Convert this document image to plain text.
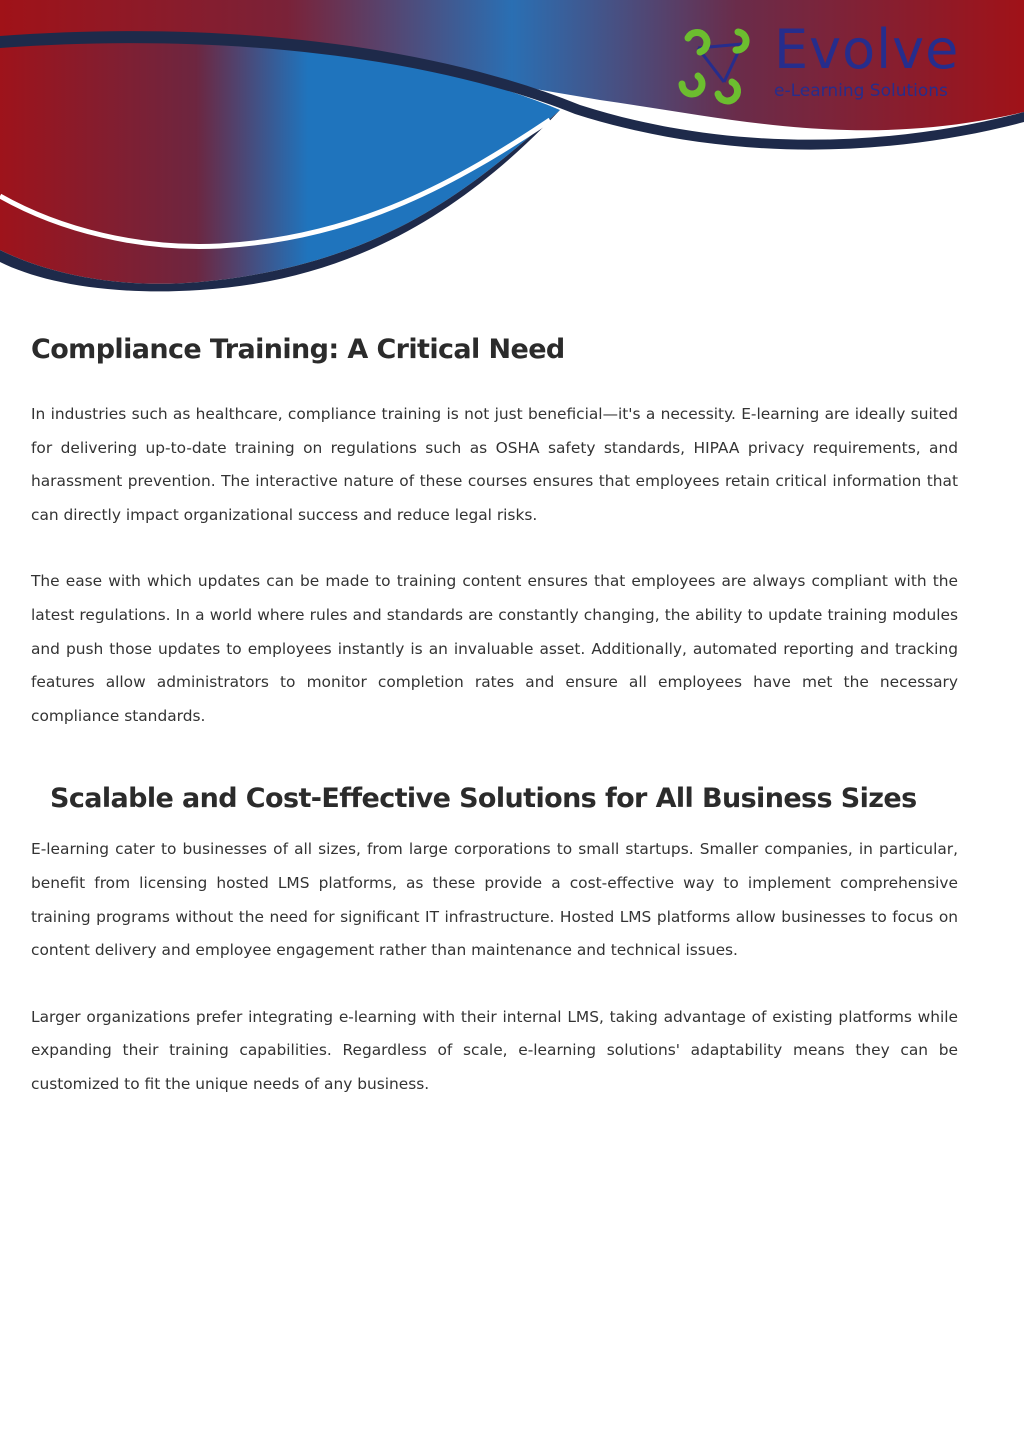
Evolve
e-Learning Solutions
Compliance Training: A Critical Need

In industries such as healthcare, compliance training is not just beneficial—it's a necessity. E-learning are ideally suited for delivering up-to-date training on regulations such as OSHA safety standards, HIPAA privacy requirements, and harassment prevention. The interactive nature of these courses ensures that employees retain critical information that can directly impact organizational success and reduce legal risks.

The ease with which updates can be made to training content ensures that employees are always compliant with the latest regulations. In a world where rules and standards are constantly changing, the ability to update training modules and push those updates to employees instantly is an invaluable asset. Additionally, automated reporting and tracking features allow administrators to monitor completion rates and ensure all employees have met the necessary compliance standards.

Scalable and Cost-Effective Solutions for All Business Sizes

E-learning cater to businesses of all sizes, from large corporations to small startups. Smaller companies, in particular, benefit from licensing hosted LMS platforms, as these provide a cost-effective way to implement comprehensive training programs without the need for significant IT infrastructure. Hosted LMS platforms allow businesses to focus on content delivery and employee engagement rather than maintenance and technical issues.

Larger organizations prefer integrating e-learning with their internal LMS, taking advantage of existing platforms while expanding their training capabilities. Regardless of scale, e-learning solutions' adaptability means they can be customized to fit the unique needs of any business.
